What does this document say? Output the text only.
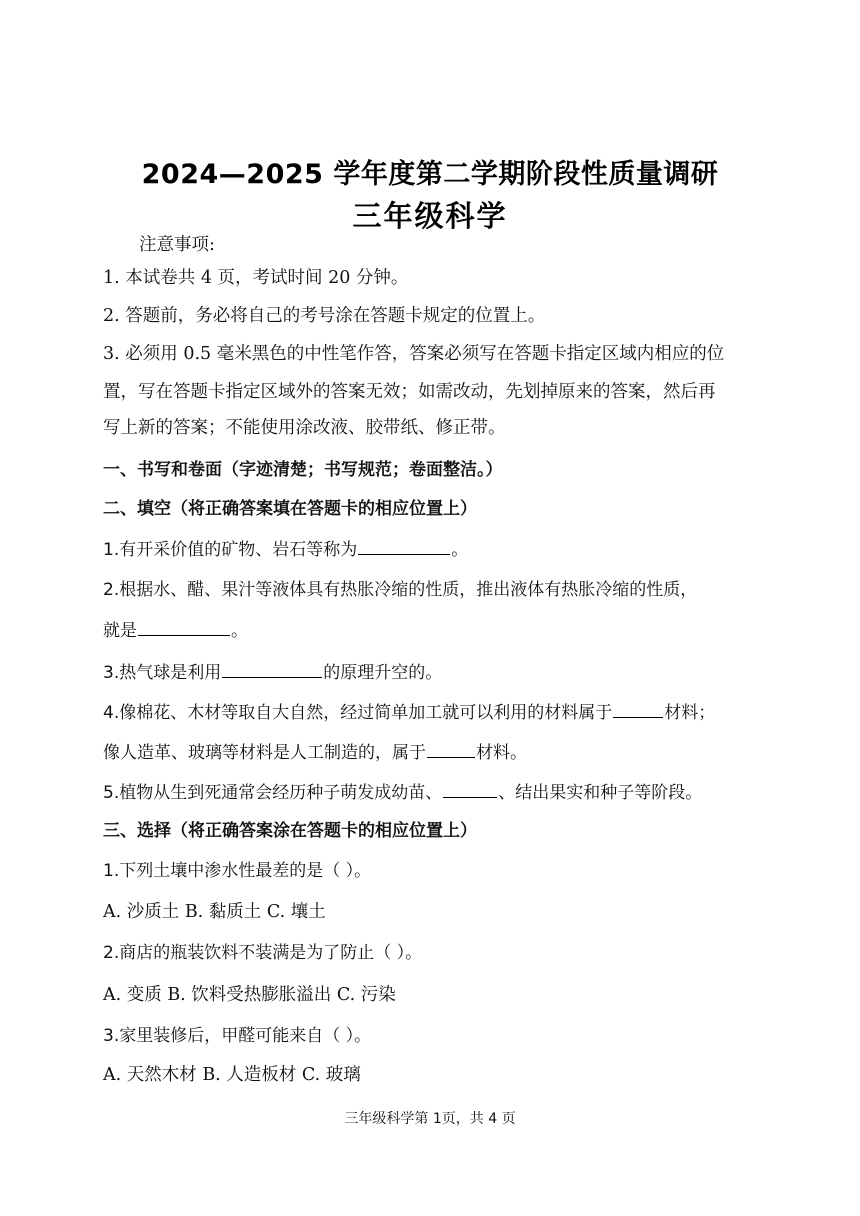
2024—2025 学年度第二学期阶段性质量调研
三年级科学
注意事项:
1. 本试卷共 4 页，考试时间 20 分钟。
2. 答题前，务必将自己的考号涂在答题卡规定的位置上。
3. 必须用 0.5 毫米黑色的中性笔作答，答案必须写在答题卡指定区域内相应的位
置，写在答题卡指定区域外的答案无效；如需改动，先划掉原来的答案，然后再
写上新的答案；不能使用涂改液、胶带纸、修正带。
一、书写和卷面（字迹清楚；书写规范；卷面整洁。）
二、填空（将正确答案填在答题卡的相应位置上）
1.有开采价值的矿物、岩石等称为	。
2.根据水、醋、果汁等液体具有热胀冷缩的性质，推出液体有热胀冷缩的性质，
就是	。
3.热气球是利用	的原理升空的。
4.像棉花、木材等取自大自然，经过简单加工就可以利用的材料属于	材料；
像人造革、玻璃等材料是人工制造的，属于	材料。
5.植物从生到死通常会经历种子萌发成幼苗、	、结出果实和种子等阶段。
三、选择（将正确答案涂在答题卡的相应位置上）
1.下列土壤中渗水性最差的是（ ）。
A. 沙质土 B. 黏质土 C. 壤土
2.商店的瓶装饮料不装满是为了防止（ ）。
A. 变质 B. 饮料受热膨胀溢出 C. 污染
3.家里装修后，甲醛可能来自（ ）。
A. 天然木材 B. 人造板材 C. 玻璃
三年级科学第 1页，共 4 页
